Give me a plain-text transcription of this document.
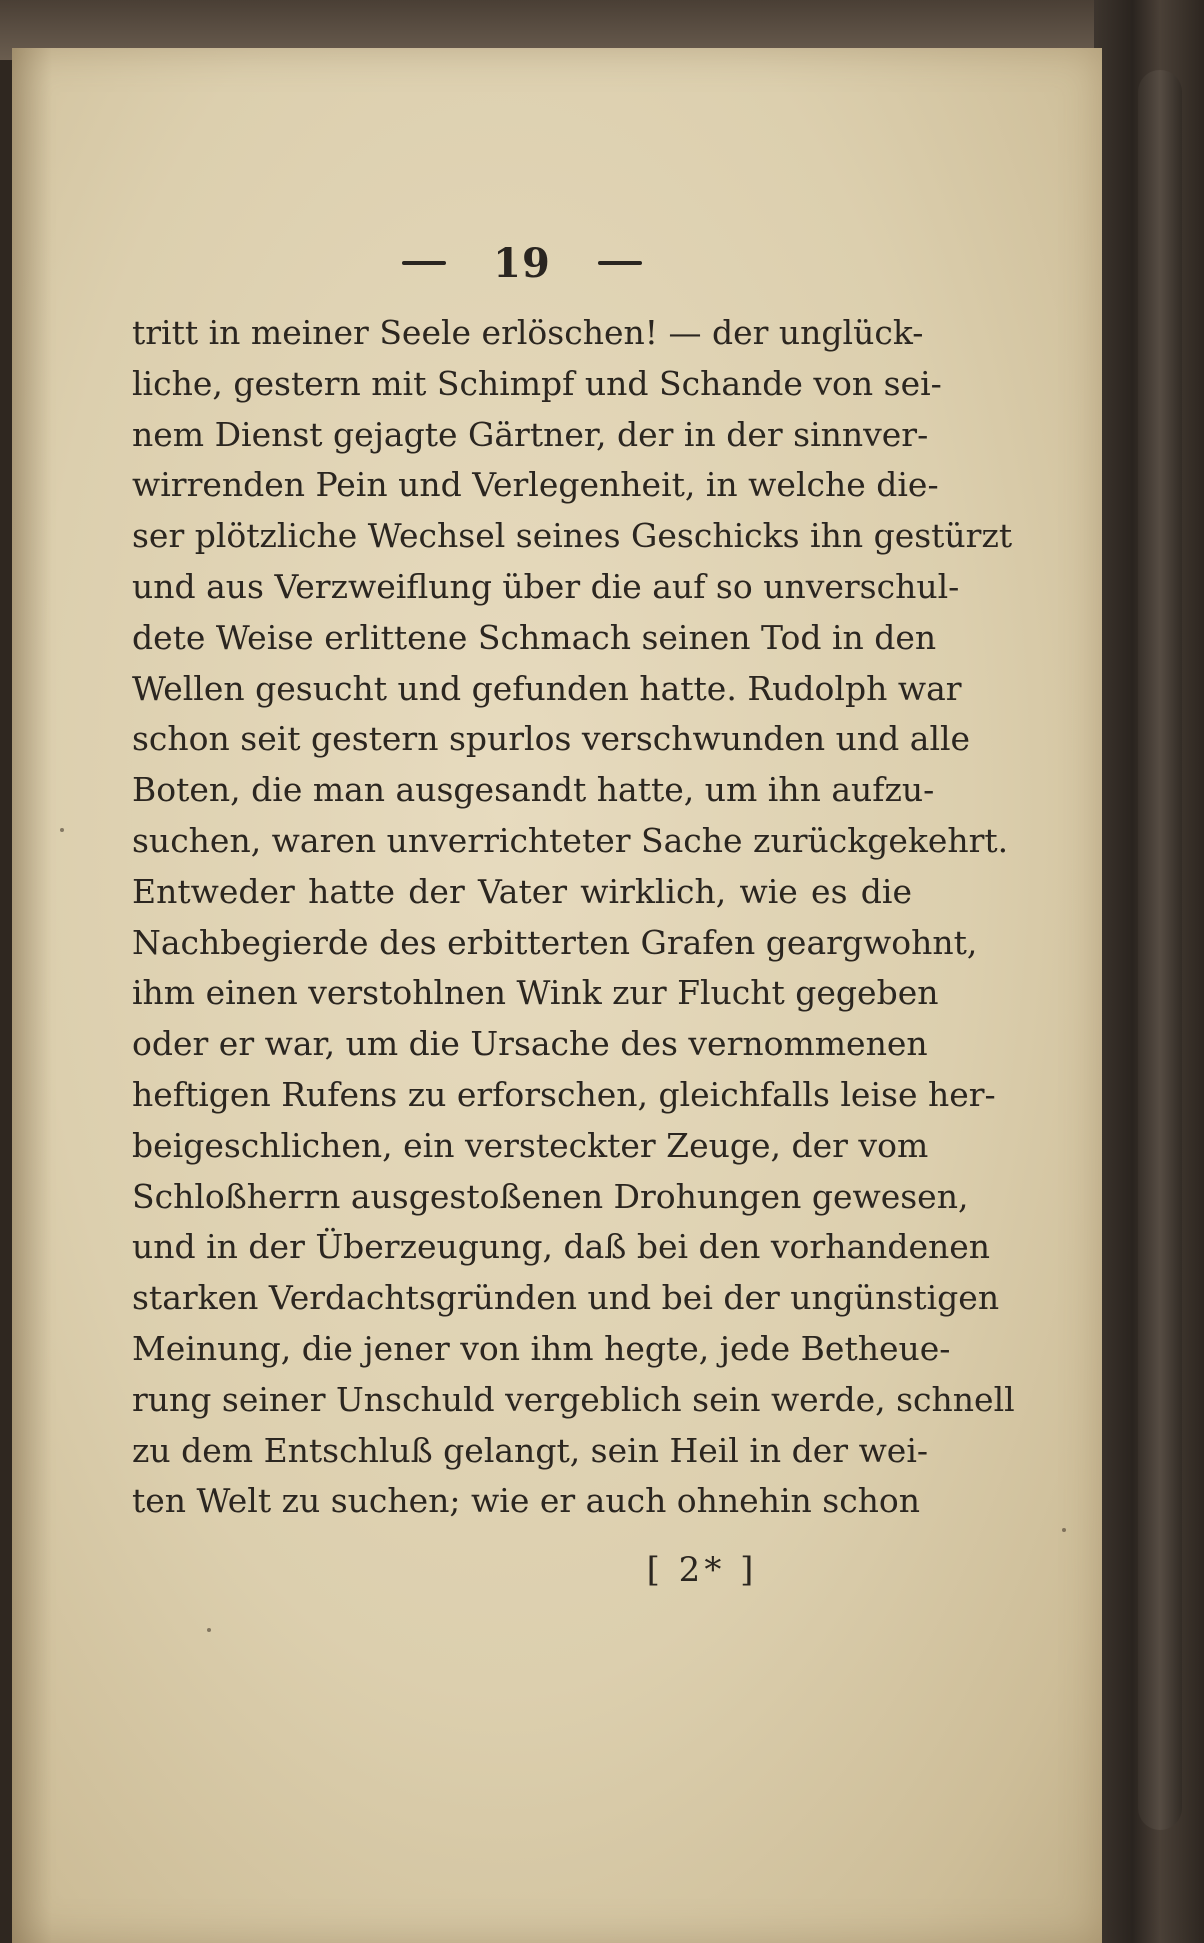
19
tritt in meiner Seele erlöschen! — der unglück-
liche, gestern mit Schimpf und Schande von sei-
nem Dienst gejagte Gärtner, der in der sinnver-
wirrenden Pein und Verlegenheit, in welche die-
ser plötzliche Wechsel seines Geschicks ihn gestürzt
und aus Verzweiflung über die auf so unverschul-
dete Weise erlittene Schmach seinen Tod in den
Wellen gesucht und gefunden hatte. Rudolph war
schon seit gestern spurlos verschwunden und alle
Boten, die man ausgesandt hatte, um ihn aufzu-
suchen, waren unverrichteter Sache zurückgekehrt.
Entweder hatte der Vater wirklich, wie es die
Nachbegierde des erbitterten Grafen geargwohnt,
ihm einen verstohlnen Wink zur Flucht gegeben
oder er war, um die Ursache des vernommenen
heftigen Rufens zu erforschen, gleichfalls leise her-
beigeschlichen, ein versteckter Zeuge, der vom
Schloßherrn ausgestoßenen Drohungen gewesen,
und in der Überzeugung, daß bei den vorhandenen
starken Verdachtsgründen und bei der ungünstigen
Meinung, die jener von ihm hegte, jede Betheue-
rung seiner Unschuld vergeblich sein werde, schnell
zu dem Entschluß gelangt, sein Heil in der wei-
ten Welt zu suchen; wie er auch ohnehin schon
[ 2* ]
